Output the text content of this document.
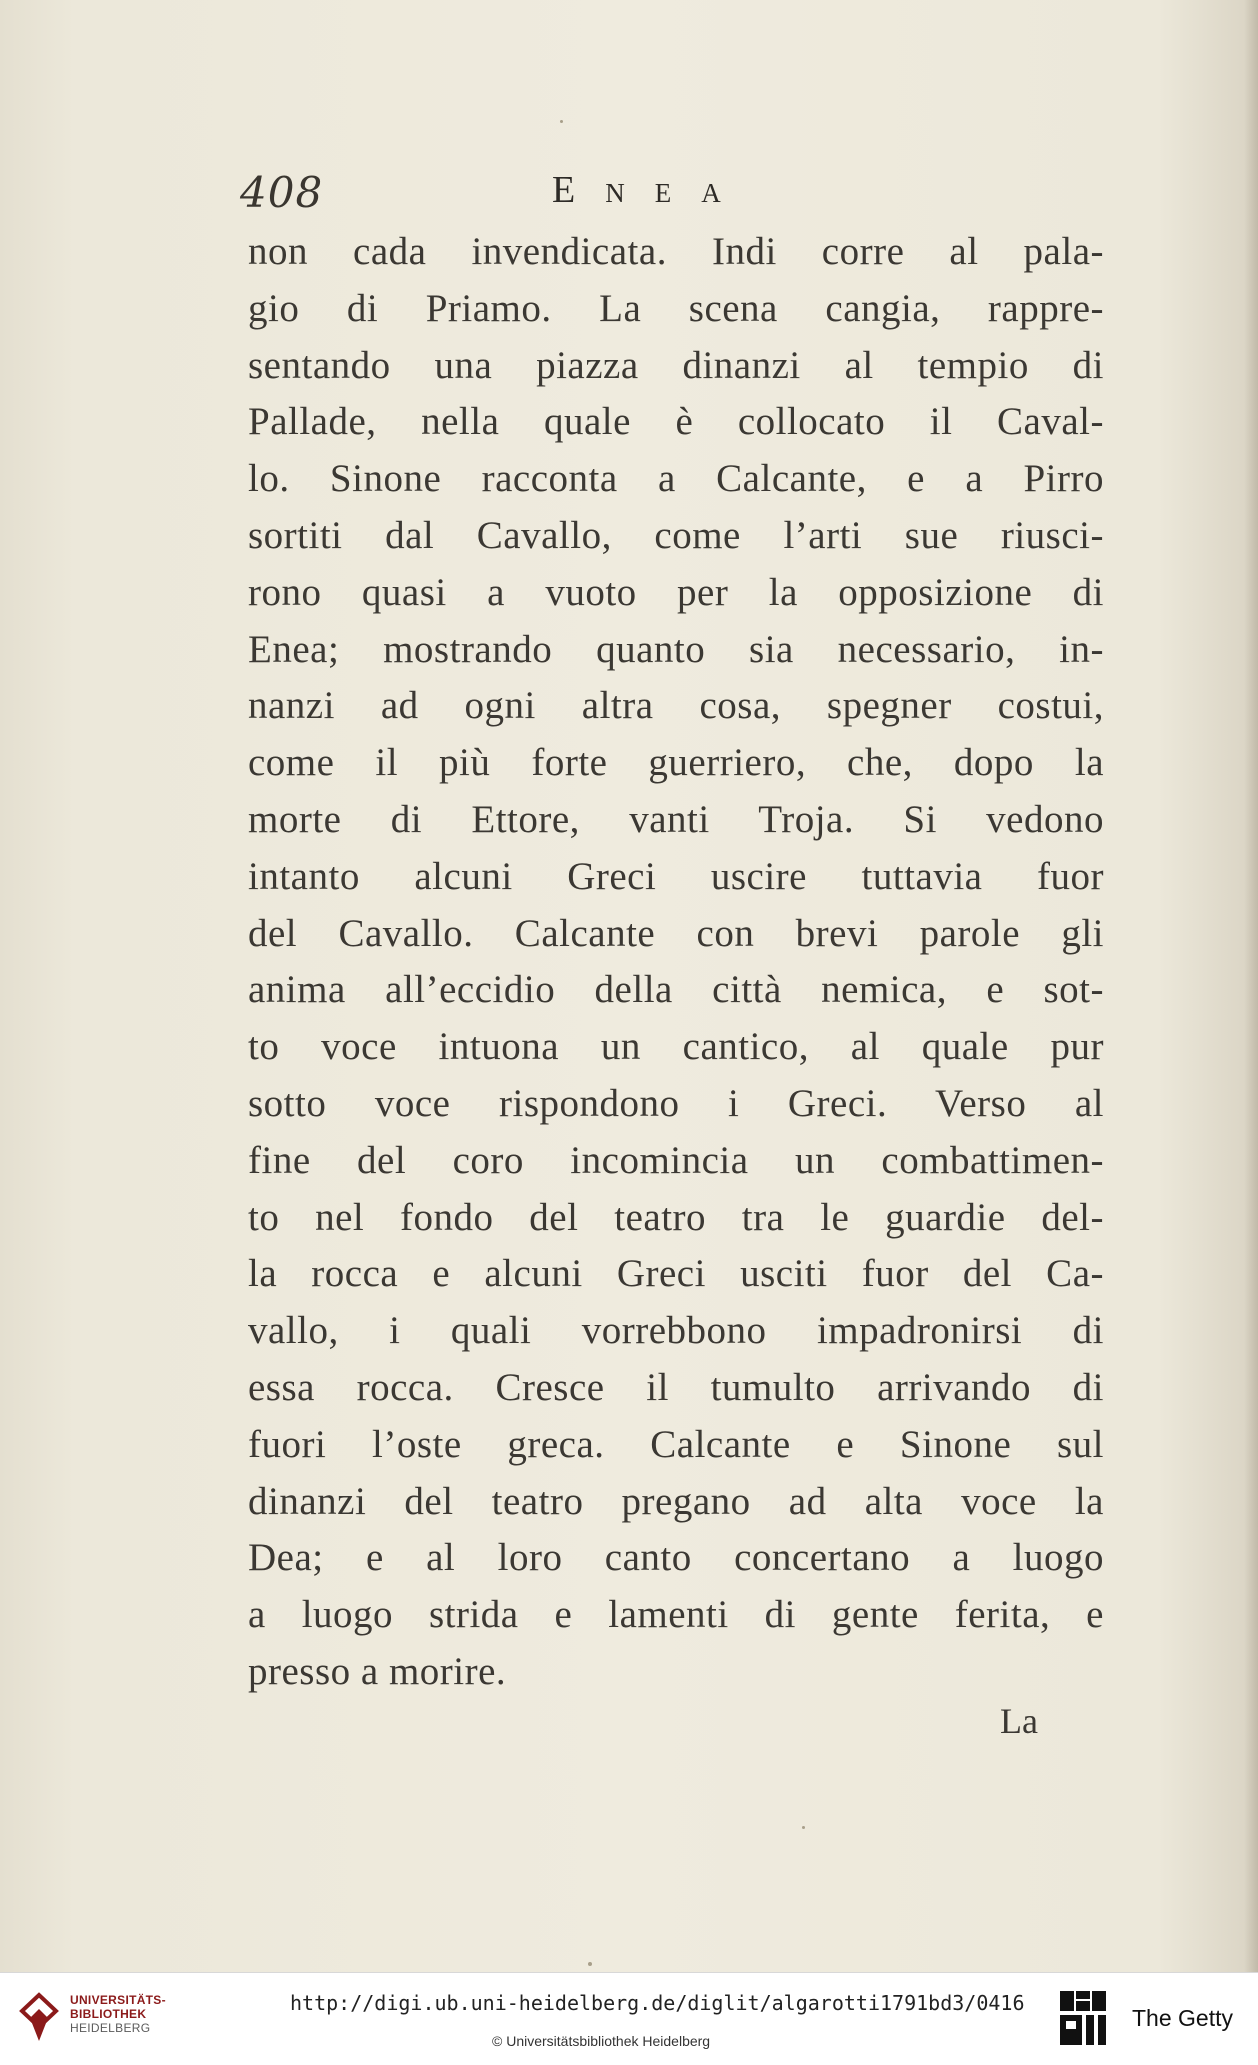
408	Enea
non cada invendicata. Indi corre al pala-
gio di Priamo. La scena cangia, rappre-
sentando una piazza dinanzi al tempio di
Pallade, nella quale è collocato il Caval-
lo. Sinone racconta a Calcante, e a Pirro
sortiti dal Cavallo, come l’arti sue riusci-
rono quasi a vuoto per la opposizione di
Enea; mostrando quanto sia necessario, in-
nanzi ad ogni altra cosa, spegner costui,
come il più forte guerriero, che, dopo la
morte di Ettore, vanti Troja. Si vedono
intanto alcuni Greci uscire tuttavia fuor
del Cavallo. Calcante con brevi parole gli
anima all’eccidio della città nemica, e sot-
to voce intuona un cantico, al quale pur
sotto voce rispondono i Greci. Verso al
fine del coro incomincia un combattimen-
to nel fondo del teatro tra le guardie del-
la rocca e alcuni Greci usciti fuor del Ca-
vallo, i quali vorrebbono impadronirsi di
essa rocca. Cresce il tumulto arrivando di
fuori l’oste greca. Calcante e Sinone sul
dinanzi del teatro pregano ad alta voce la
Dea; e al loro canto concertano a luogo
a luogo strida e lamenti di gente ferita, e
presso a morire.
La
UNIVERSITÄTS-
BIBLIOTHEK
HEIDELBERG
http://digi.ub.uni-heidelberg.de/diglit/algarotti1791bd3/0416
© Universitätsbibliothek Heidelberg
The Getty
